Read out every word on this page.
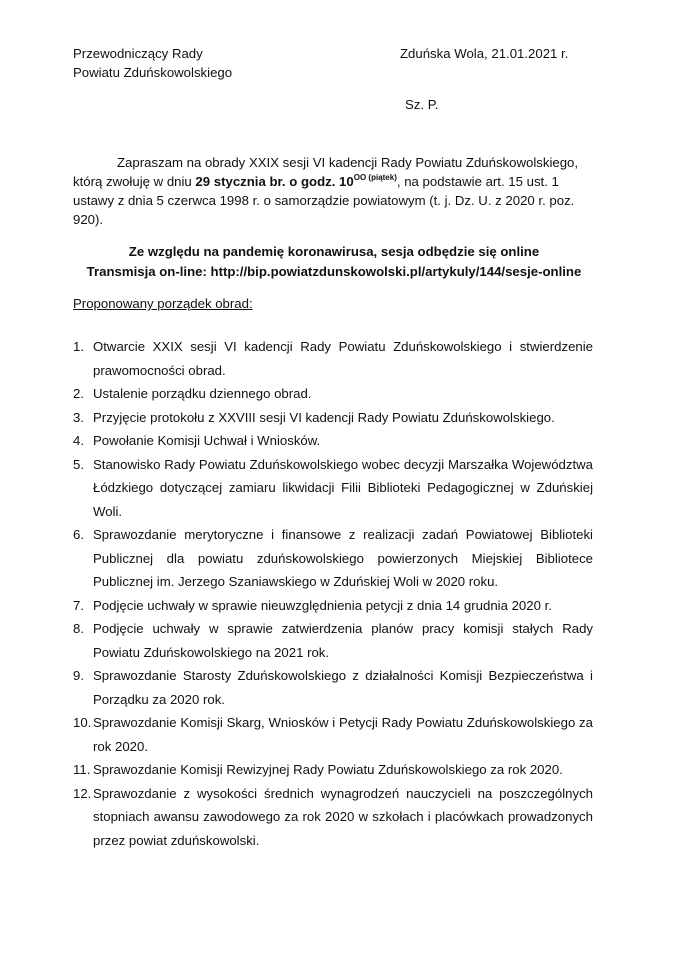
Przewodniczący Rady
Powiatu Zduńskowolskiego
Zduńska Wola, 21.01.2021 r.
Sz. P.
Zapraszam na obrady XXIX sesji VI kadencji Rady Powiatu Zduńskowolskiego, którą zwołuję w dniu 29 stycznia br. o godz. $10^{OO (piątek)}$, na podstawie art. 15 ust. 1 ustawy z dnia 5 czerwca 1998 r. o samorządzie powiatowym (t. j. Dz. U. z 2020 r. poz. 920).
Ze względu na pandemię koronawirusa, sesja odbędzie się online
Transmisja on-line: http://bip.powiatzdunskowolski.pl/artykuly/144/sesje-online
Proponowany porządek obrad:
1. Otwarcie XXIX sesji VI kadencji Rady Powiatu Zduńskowolskiego i stwierdzenie prawomocności obrad.
2. Ustalenie porządku dziennego obrad.
3. Przyjęcie protokołu z XXVIII sesji VI kadencji Rady Powiatu Zduńskowolskiego.
4. Powołanie Komisji Uchwał i Wniosków.
5. Stanowisko Rady Powiatu Zduńskowolskiego wobec decyzji Marszałka Województwa Łódzkiego dotyczącej zamiaru likwidacji Filii Biblioteki Pedagogicznej w Zduńskiej Woli.
6. Sprawozdanie merytoryczne i finansowe z realizacji zadań Powiatowej Biblioteki Publicznej dla powiatu zduńskowolskiego powierzonych Miejskiej Bibliotece Publicznej im. Jerzego Szaniawskiego w Zduńskiej Woli w 2020 roku.
7. Podjęcie uchwały w sprawie nieuwzględnienia petycji z dnia 14 grudnia 2020 r.
8. Podjęcie uchwały w sprawie zatwierdzenia planów pracy komisji stałych Rady Powiatu Zduńskowolskiego na 2021 rok.
9. Sprawozdanie Starosty Zduńskowolskiego z działalności Komisji Bezpieczeństwa i Porządku za 2020 rok.
10. Sprawozdanie Komisji Skarg, Wniosków i Petycji Rady Powiatu Zduńskowolskiego za rok 2020.
11. Sprawozdanie Komisji Rewizyjnej Rady Powiatu Zduńskowolskiego za rok 2020.
12. Sprawozdanie z wysokości średnich wynagrodzeń nauczycieli na poszczególnych stopniach awansu zawodowego za rok 2020 w szkołach i placówkach prowadzonych przez powiat zduńskowolski.
